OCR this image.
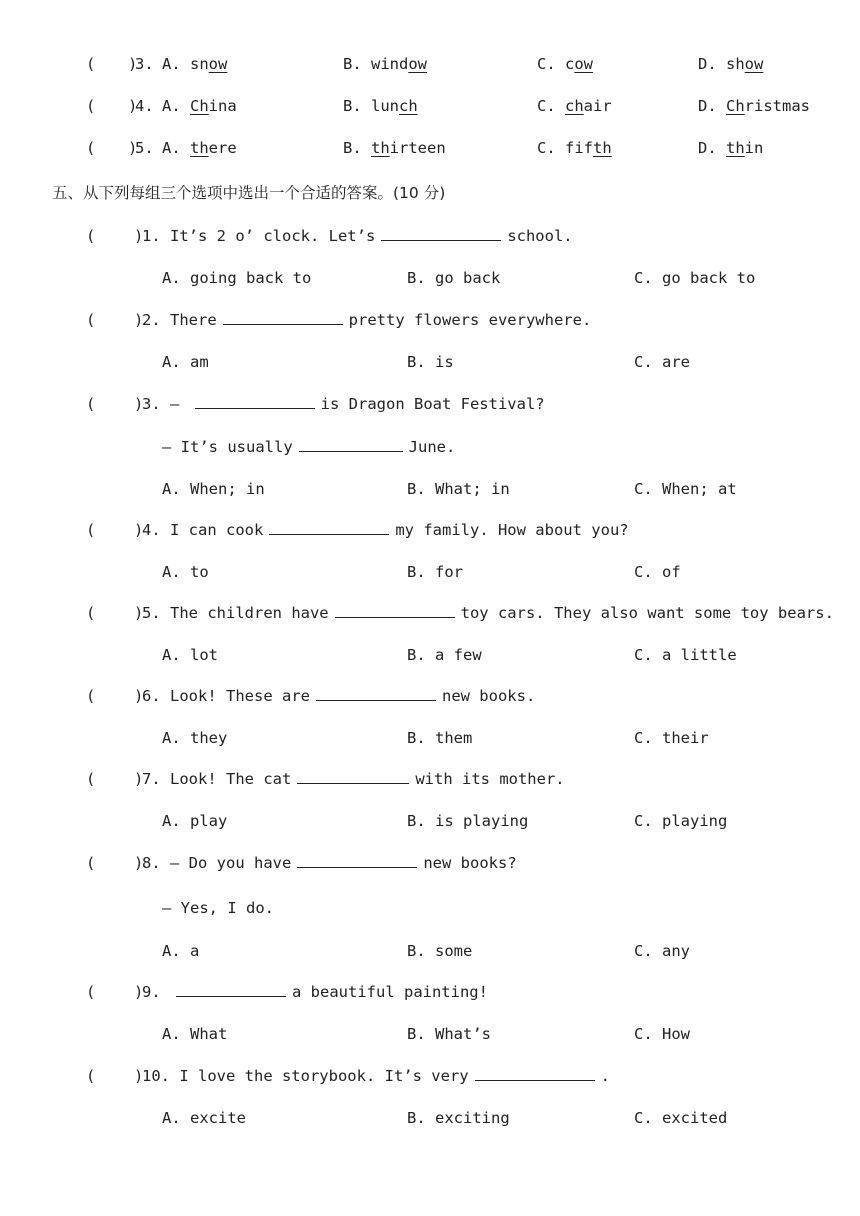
( )
3. A. snow	B. window	C. cow	D. show
( )
4. A. China	B. lunch	C. chair	D. Christmas
( )
5. A. there	B. thirteen	C. fifth	D. thin
五、从下列每组三个选项中选出一个合适的答案。(10 分)
( )
1. It’s 2 o’ clock. Let’s	school.
A. going back to	B. go back	C. go back to
( )
2. There	pretty flowers everywhere.
A. am	B. is	C. are
( )
3. —	is Dragon Boat Festival?
— It’s usually	June.
A. When; in	B. What; in	C. When; at
( )
4. I can cook	my family. How about you?
A. to	B. for	C. of
( )
5. The children have	toy cars. They also want some toy bears.
A. lot	B. a few	C. a little
( )
6. Look! These are	new books.
A. they	B. them	C. their
( )
7. Look! The cat	with its mother.
A. play	B. is playing	C. playing
( )
8. — Do you have	new books?
— Yes, I do.
A. a	B. some	C. any
( )
9.	a beautiful painting!
A. What	B. What’s	C. How
( )
10. I love the storybook. It’s very	.
A. excite	B. exciting	C. excited
